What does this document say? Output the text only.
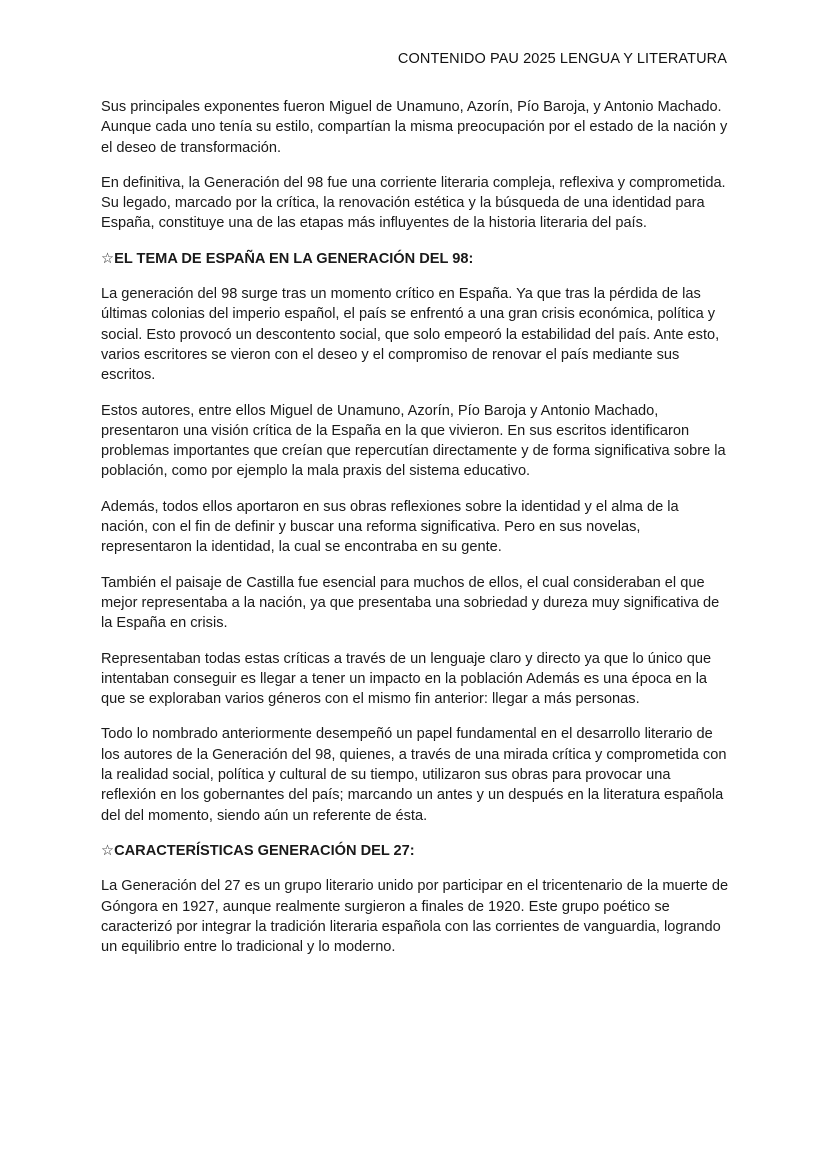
CONTENIDO PAU 2025 LENGUA Y LITERATURA

Sus principales exponentes fueron Miguel de Unamuno, Azorín, Pío Baroja, y Antonio Machado. Aunque cada uno tenía su estilo, compartían la misma preocupación por el estado de la nación y el deseo de transformación.

En definitiva, la Generación del 98 fue una corriente literaria compleja, reflexiva y comprometida. Su legado, marcado por la crítica, la renovación estética y la búsqueda de una identidad para España, constituye una de las etapas más influyentes de la historia literaria del país.

☆EL TEMA DE ESPAÑA EN LA GENERACIÓN DEL 98:

La generación del 98 surge tras un momento crítico en España. Ya que tras la pérdida de las últimas colonias del imperio español, el país se enfrentó a una gran crisis económica, política y social. Esto provocó un descontento social, que solo empeoró la estabilidad del país. Ante esto, varios escritores se vieron con el deseo y el compromiso de renovar el país mediante sus escritos.

Estos autores, entre ellos Miguel de Unamuno, Azorín, Pío Baroja y Antonio Machado, presentaron una visión crítica de la España en la que vivieron. En sus escritos identificaron problemas importantes que creían que repercutían directamente y de forma significativa sobre la población, como por ejemplo la mala praxis del sistema educativo.

Además, todos ellos aportaron en sus obras reflexiones sobre la identidad y el alma de la nación, con el fin de definir y buscar una reforma significativa. Pero en sus novelas, representaron la identidad, la cual se encontraba en su gente.

También el paisaje de Castilla fue esencial para muchos de ellos, el cual consideraban el que mejor representaba a la nación, ya que presentaba una sobriedad y dureza muy significativa de la España en crisis.

Representaban todas estas críticas a través de un lenguaje claro y directo ya que lo único que intentaban conseguir es llegar a tener un impacto en la población Además es una época en la que se exploraban varios géneros con el mismo fin anterior: llegar a más personas.

Todo lo nombrado anteriormente desempeñó un papel fundamental en el desarrollo literario de los autores de la Generación del 98, quienes, a través de una mirada crítica y comprometida con la realidad social, política y cultural de su tiempo, utilizaron sus obras para provocar una reflexión en los gobernantes del país; marcando un antes y un después en la literatura española del del momento, siendo aún un referente de ésta.

☆CARACTERÍSTICAS GENERACIÓN DEL 27:

La Generación del 27 es un grupo literario unido por participar en el tricentenario de la muerte de Góngora en 1927, aunque realmente surgieron a finales de 1920. Este grupo poético se caracterizó por integrar la tradición literaria española con las corrientes de vanguardia, logrando un equilibrio entre lo tradicional y lo moderno.
